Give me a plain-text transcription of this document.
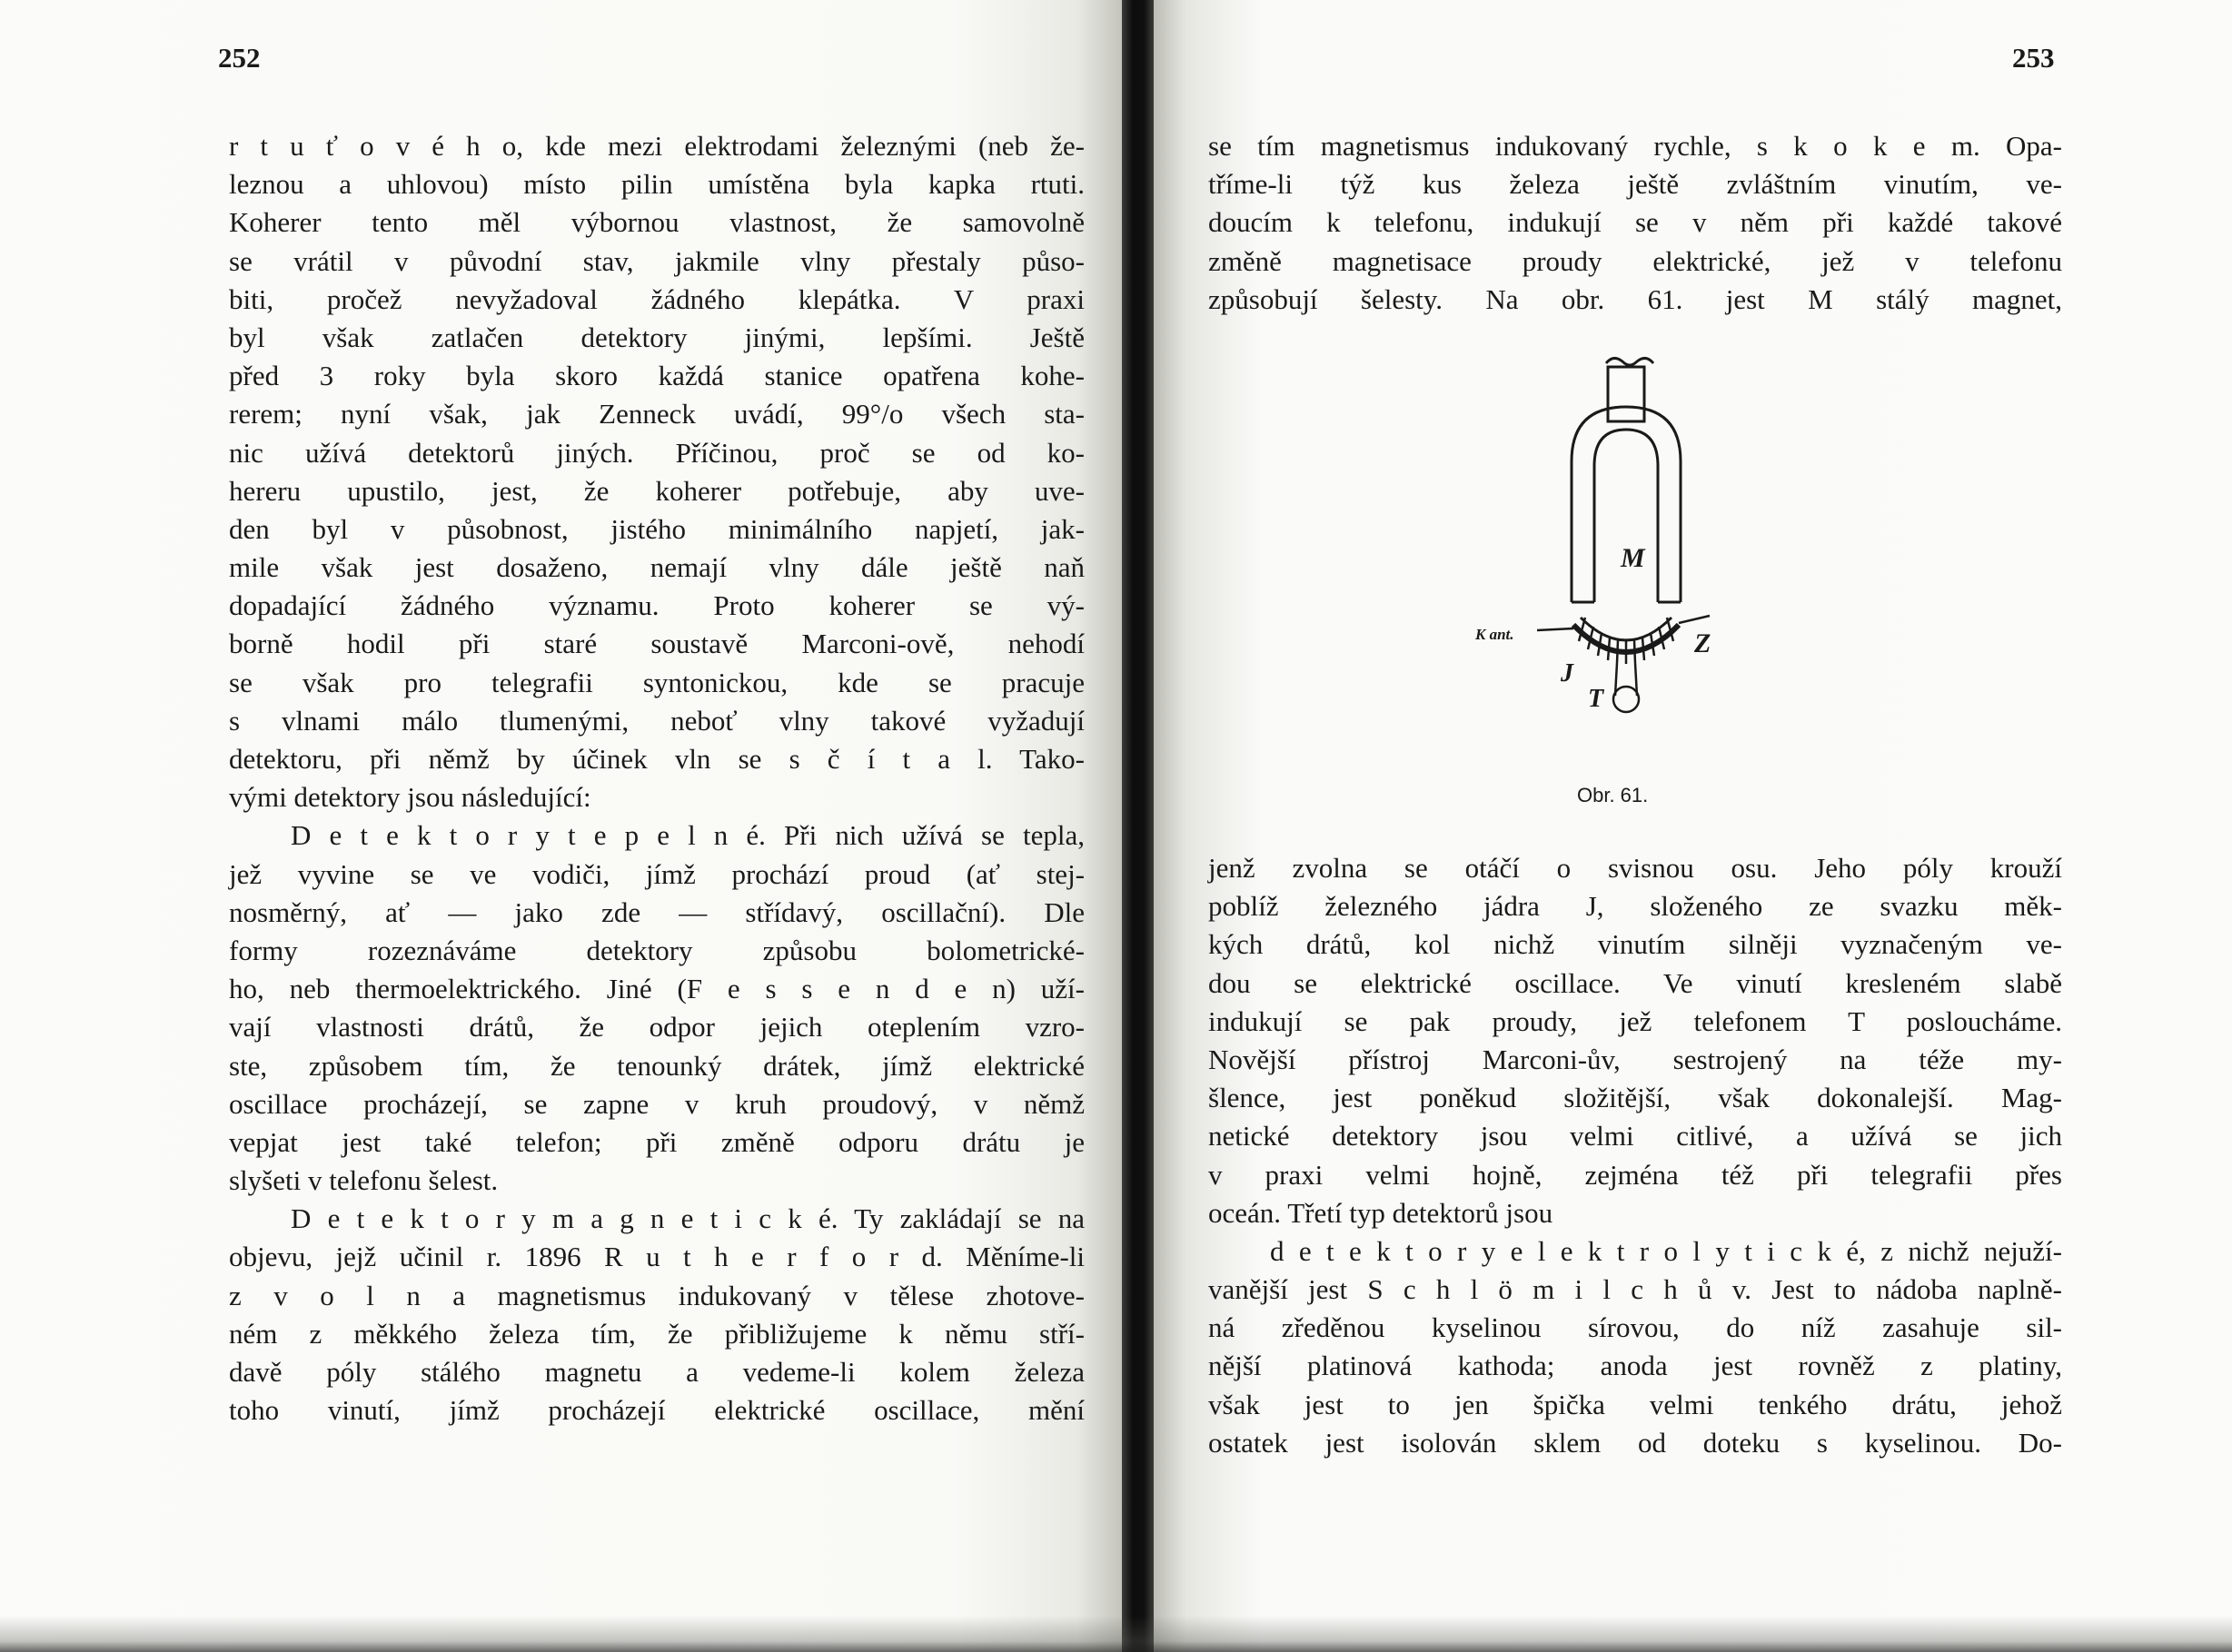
252	253
r t u ť o v é h o, kde mezi elektrodami železnými (neb že-
leznou a uhlovou) místo pilin umístěna byla kapka rtuti.
Koherer tento měl výbornou vlastnost, že samovolně
se vrátil v původní stav, jakmile vlny přestaly půso-
biti, pročež nevyžadoval žádného klepátka. V praxi
byl však zatlačen detektory jinými, lepšími. Ještě
před 3 roky byla skoro každá stanice opatřena kohe-
rerem; nyní však, jak Zenneck uvádí, 99°/o všech sta-
nic užívá detektorů jiných. Příčinou, proč se od ko-
hereru upustilo, jest, že koherer potřebuje, aby uve-
den byl v působnost, jistého minimálního napjetí, jak-
mile však jest dosaženo, nemají vlny dále ještě naň
dopadající žádného významu. Proto koherer se vý-
borně hodil při staré soustavě Marconi-ově, nehodí
se však pro telegrafii syntonickou, kde se pracuje
s vlnami málo tlumenými, neboť vlny takové vyžadují
detektoru, při němž by účinek vln se s č í t a l. Tako-
vými detektory jsou následující:
D e t e k t o r y t e p e l n é. Při nich užívá se tepla,
jež vyvine se ve vodiči, jímž prochází proud (ať stej-
nosměrný, ať — jako zde — střídavý, oscillační). Dle
formy rozeznáváme detektory způsobu bolometrické-
ho, neb thermoelektrického. Jiné (F e s s e n d e n) uží-
vají vlastnosti drátů, že odpor jejich oteplením vzro-
ste, způsobem tím, že tenounký drátek, jímž elektrické
oscillace procházejí, se zapne v kruh proudový, v němž
vepjat jest také telefon; při změně odporu drátu je
slyšeti v telefonu šelest.
D e t e k t o r y m a g n e t i c k é. Ty zakládají se na
objevu, jejž učinil r. 1896 R u t h e r f o r d. Měníme-li
z v o l n a magnetismus indukovaný v tělese zhotove-
ném z měkkého železa tím, že přibližujeme k němu stří-
davě póly stálého magnetu a vedeme-li kolem železa
toho vinutí, jímž procházejí elektrické oscillace, mění
se tím magnetismus indukovaný rychle, s k o k e m. Opa-
tříme-li týž kus železa ještě zvláštním vinutím, ve-
doucím k telefonu, indukují se v něm při každé takové
změně magnetisace proudy elektrické, jež v telefonu
způsobují šelesty. Na obr. 61. jest M stálý magnet,
M
K ant.
J
Z
T
Obr. 61.
jenž zvolna se otáčí o svisnou osu. Jeho póly krouží
poblíž železného jádra J, složeného ze svazku měk-
kých drátů, kol nichž vinutím silněji vyznačeným ve-
dou se elektrické oscillace. Ve vinutí kresleném slabě
indukují se pak proudy, jež telefonem T posloucháme.
Novější přístroj Marconi-ův, sestrojený na téže my-
šlence, jest poněkud složitější, však dokonalejší. Mag-
netické detektory jsou velmi citlivé, a užívá se jich
v praxi velmi hojně, zejména též při telegrafii přes
oceán. Třetí typ detektorů jsou
d e t e k t o r y e l e k t r o l y t i c k é, z nichž nejuží-
vanější jest S c h l ö m i l c h ů v. Jest to nádoba naplně-
ná zředěnou kyselinou sírovou, do níž zasahuje sil-
nější platinová kathoda; anoda jest rovněž z platiny,
však jest to jen špička velmi tenkého drátu, jehož
ostatek jest isolován sklem od doteku s kyselinou. Do-
